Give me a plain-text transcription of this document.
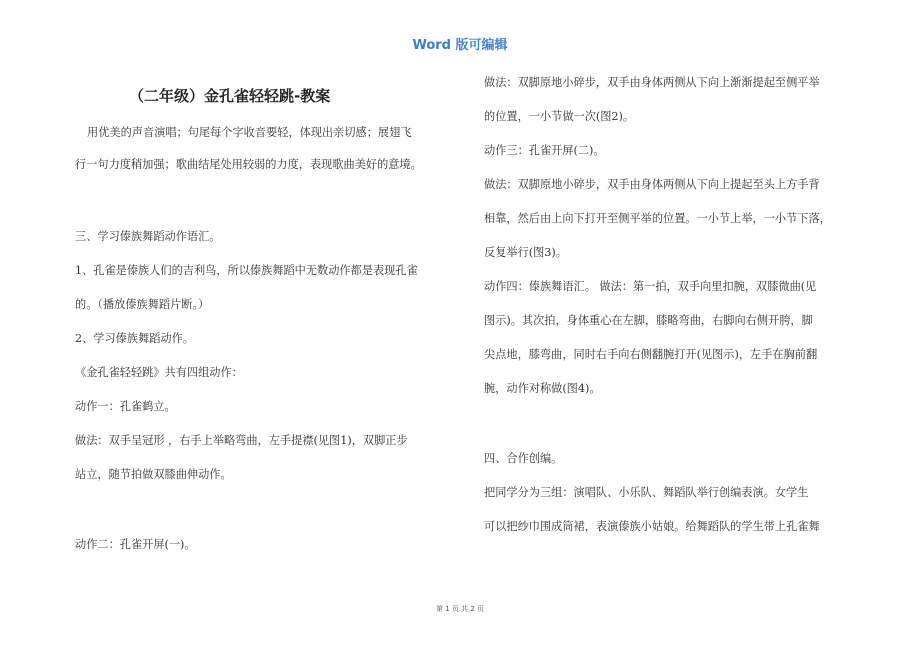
Word 版可编辑
（二年级）金孔雀轻轻跳-教案

用优美的声音演唱；句尾每个字收音要轻，体现出亲切感；展翅飞

行一句力度稍加强；歌曲结尾处用较弱的力度，表现歌曲美好的意境。

三、学习傣族舞蹈动作语汇。

1、孔雀是傣族人们的吉利鸟，所以傣族舞蹈中无数动作都是表现孔雀

的。（播放傣族舞蹈片断。）

2、学习傣族舞蹈动作。

《金孔雀轻轻跳》共有四组动作：

动作一：孔雀鹤立。

做法：双手呈冠形 ，右手上举略弯曲，左手提襟(见图1)，双脚正步

站立，随节拍做双膝曲伸动作。

动作二：孔雀开屏(一)。

做法：双脚原地小碎步，双手由身体两侧从下向上渐渐提起至侧平举

的位置，一小节做一次(图2)。

动作三：孔雀开屏(二)。

做法：双脚原地小碎步，双手由身体两侧从下向上提起至头上方手背

相靠，然后由上向下打开至侧平举的位置。一小节上举，一小节下落，

反复举行(图3)。

动作四：傣族舞语汇。 做法：第一拍，双手向里扣腕，双膝微曲(见

图示)。其次拍，身体重心在左脚，膝略弯曲，右脚向右侧开胯，脚

尖点地，膝弯曲，同时右手向右侧翻腕打开(见图示)，左手在胸前翻

腕，动作对称做(图4)。

四、合作创编。

把同学分为三组：演唱队、小乐队、舞蹈队举行创编表演。女学生

可以把纱巾围成筒裙，表演傣族小姑娘。给舞蹈队的学生带上孔雀舞

第 1 页 共 2 页
